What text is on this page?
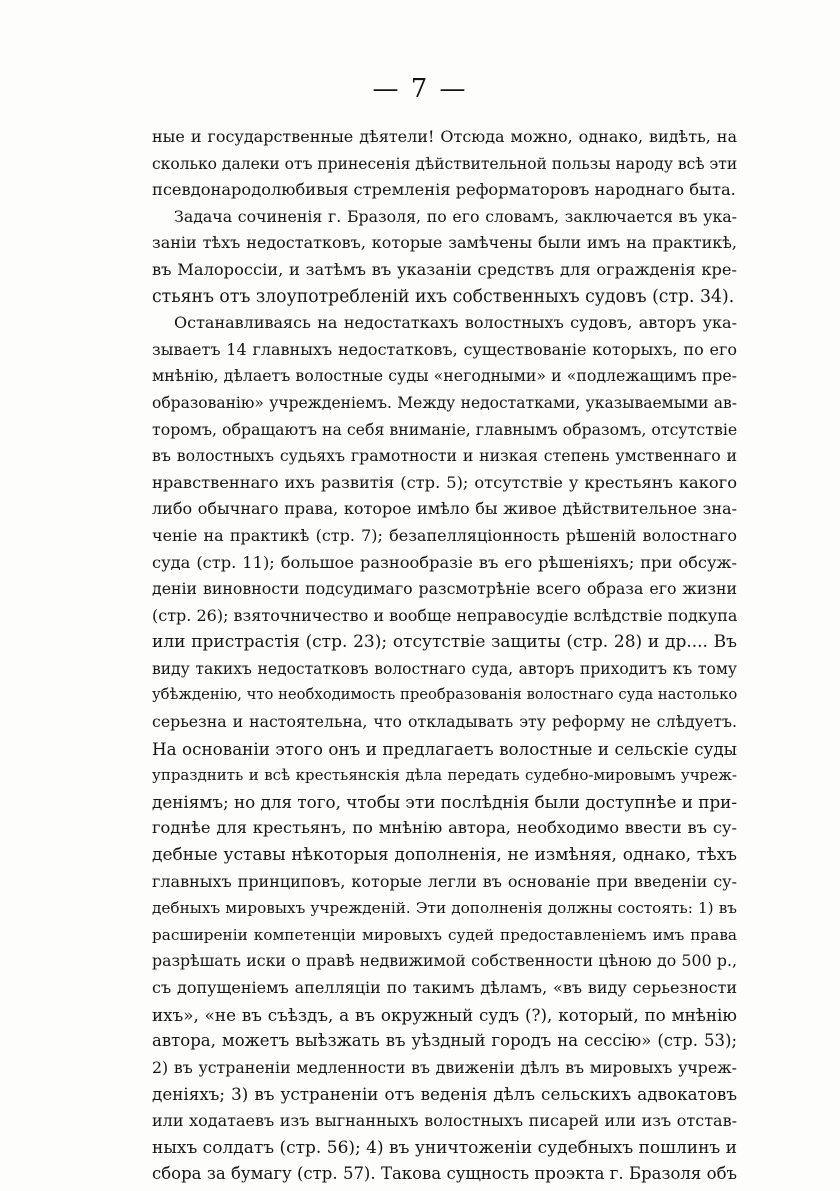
— 7 —
ные и государственные дѣятели! Отсюда можно, однако, видѣть, на
сколько далеки отъ принесенія дѣйствительной пользы народу всѣ эти
псевдонародолюбивыя стремленія реформаторовъ народнаго быта.
Задача сочиненія г. Бразоля, по его словамъ, заключается въ ука-
заніи тѣхъ недостатковъ, которые замѣчены были имъ на практикѣ,
въ Малороссіи, и затѣмъ въ указаніи средствъ для огражденія кре-
стьянъ отъ злоупотребленій ихъ собственныхъ судовъ (стр. 34).
Останавливаясь на недостаткахъ волостныхъ судовъ, авторъ ука-
зываетъ 14 главныхъ недостатковъ, существованіе которыхъ, по его
мнѣнію, дѣлаетъ волостные суды «негодными» и «подлежащимъ пре-
образованію» учрежденіемъ. Между недостатками, указываемыми ав-
торомъ, обращаютъ на себя вниманіе, главнымъ образомъ, отсутствіе
въ волостныхъ судьяхъ грамотности и низкая степень умственнаго и
нравственнаго ихъ развитія (стр. 5); отсутствіе у крестьянъ какого
либо обычнаго права, которое имѣло бы живое дѣйствительное зна-
ченіе на практикѣ (стр. 7); безапелляціонность рѣшеній волостнаго
суда (стр. 11); большое разнообразіе въ его рѣшеніяхъ; при обсуж-
деніи виновности подсудимаго разсмотрѣніе всего образа его жизни
(стр. 26); взяточничество и вообще неправосудіе вслѣдствіе подкупа
или пристрастія (стр. 23); отсутствіе защиты (стр. 28) и др.... Въ
виду такихъ недостатковъ волостнаго суда, авторъ приходитъ къ тому
убѣжденію, что необходимость преобразованія волостнаго суда настолько
серьезна и настоятельна, что откладывать эту реформу не слѣдуетъ.
На основаніи этого онъ и предлагаетъ волостные и сельскіе суды
упразднить и всѣ крестьянскія дѣла передать судебно-мировымъ учреж-
деніямъ; но для того, чтобы эти послѣднія были доступнѣе и при-
годнѣе для крестьянъ, по мнѣнію автора, необходимо ввести въ су-
дебные уставы нѣкоторыя дополненія, не измѣняя, однако, тѣхъ
главныхъ принциповъ, которые легли въ основаніе при введеніи су-
дебныхъ мировыхъ учрежденій. Эти дополненія должны состоять: 1) въ
расширеніи компетенціи мировыхъ судей предоставленіемъ имъ права
разрѣшать иски о правѣ недвижимой собственности цѣною до 500 р.,
съ допущеніемъ апелляціи по такимъ дѣламъ, «въ виду серьезности
ихъ», «не въ съѣздъ, а въ окружный судъ (?), который, по мнѣнію
автора, можетъ выѣзжать въ уѣздный городъ на сессію» (стр. 53);
2) въ устраненіи медленности въ движеніи дѣлъ въ мировыхъ учреж-
деніяхъ; 3) въ устраненіи отъ веденія дѣлъ сельскихъ адвокатовъ
или ходатаевъ изъ выгнанныхъ волостныхъ писарей или изъ отстав-
ныхъ солдатъ (стр. 56); 4) въ уничтоженіи судебныхъ пошлинъ и
сбора за бумагу (стр. 57). Такова сущность проэкта г. Бразоля объ
